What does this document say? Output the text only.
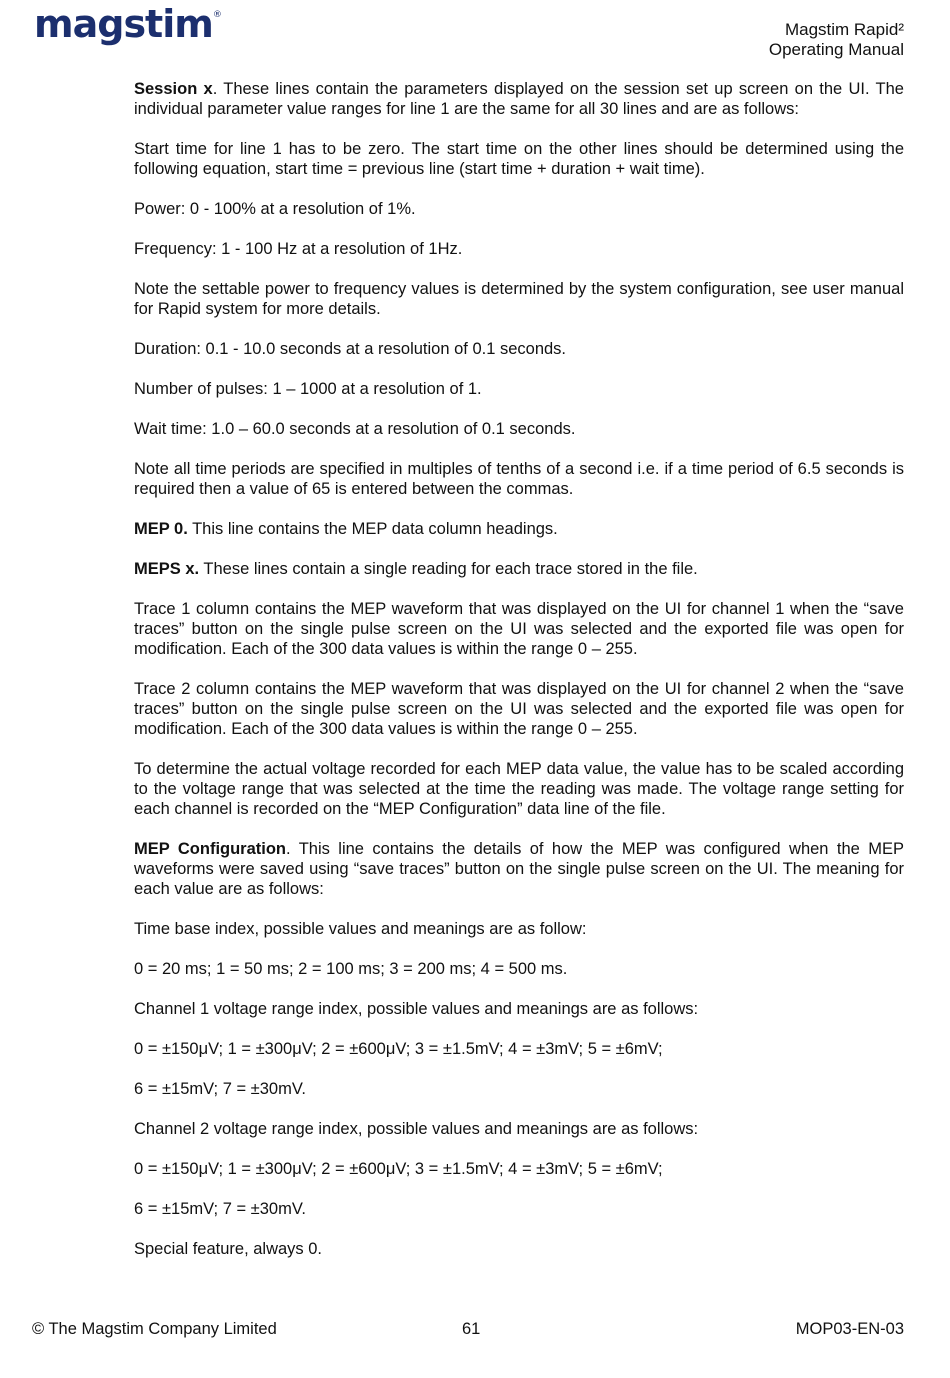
magstim®
Magstim Rapid²
Operating Manual

Session x. These lines contain the parameters displayed on the session set up screen on the UI. The individual parameter value ranges for line 1 are the same for all 30 lines and are as follows:

Start time for line 1 has to be zero. The start time on the other lines should be determined using the following equation, start time = previous line (start time + duration + wait time).

Power: 0 - 100% at a resolution of 1%.

Frequency: 1 - 100 Hz at a resolution of 1Hz.

Note the settable power to frequency values is determined by the system configuration, see user manual for Rapid system for more details.

Duration: 0.1 - 10.0 seconds at a resolution of 0.1 seconds.

Number of pulses: 1 – 1000 at a resolution of 1.

Wait time: 1.0 – 60.0 seconds at a resolution of 0.1 seconds.

Note all time periods are specified in multiples of tenths of a second i.e. if a time period of 6.5 seconds is required then a value of 65 is entered between the commas.

MEP 0. This line contains the MEP data column headings.

MEPS x. These lines contain a single reading for each trace stored in the file.

Trace 1 column contains the MEP waveform that was displayed on the UI for channel 1 when the “save traces” button on the single pulse screen on the UI was selected and the exported file was open for modification. Each of the 300 data values is within the range 0 – 255.

Trace 2 column contains the MEP waveform that was displayed on the UI for channel 2 when the “save traces” button on the single pulse screen on the UI was selected and the exported file was open for modification. Each of the 300 data values is within the range 0 – 255.

To determine the actual voltage recorded for each MEP data value, the value has to be scaled according to the voltage range that was selected at the time the reading was made. The voltage range setting for each channel is recorded on the “MEP Configuration” data line of the file.

MEP Configuration. This line contains the details of how the MEP was configured when the MEP waveforms were saved using “save traces” button on the single pulse screen on the UI. The meaning for each value are as follows:

Time base index, possible values and meanings are as follow:

0 = 20 ms; 1 = 50 ms; 2 = 100 ms; 3 = 200 ms; 4 = 500 ms.

Channel 1 voltage range index, possible values and meanings are as follows:

0 = ±150μV; 1 = ±300μV; 2 = ±600μV; 3 = ±1.5mV; 4 = ±3mV; 5 = ±6mV;

6 = ±15mV; 7 = ±30mV.

Channel 2 voltage range index, possible values and meanings are as follows:

0 = ±150μV; 1 = ±300μV; 2 = ±600μV; 3 = ±1.5mV; 4 = ±3mV; 5 = ±6mV;

6 = ±15mV; 7 = ±30mV.

Special feature, always 0.

© The Magstim Company Limited	61	MOP03-EN-03
